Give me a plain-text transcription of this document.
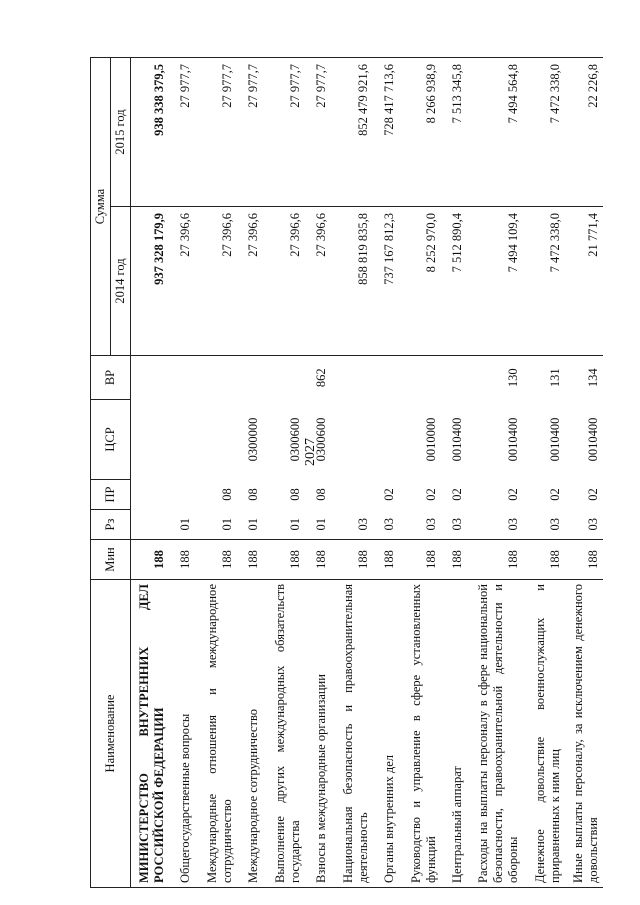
2027
Наименование	Мин	Рз	ПР	ЦСР	ВР	Сумма	
						2014 год	2015 год
МИНИСТЕРСТВО ВНУТРЕННИХ ДЕЛ РОССИЙСКОЙ ФЕДЕРАЦИИ	188					937 328 179,9	938 338 379,5
Общегосударственные вопросы	188	01				27 396,6	27 977,7
Международные отношения и международное сотрудничество	188	01	08			27 396,6	27 977,7
Международное сотрудничество	188	01	08	0300000		27 396,6	27 977,7
Выполнение других международных обязательств государства	188	01	08	0300600		27 396,6	27 977,7
Взносы в международные организации	188	01	08	0300600	862	27 396,6	27 977,7
Национальная безопасность и правоохранительная деятельность	188	03				858 819 835,8	852 479 921,6
Органы внутренних дел	188	03	02			737 167 812,3	728 417 713,6
Руководство и управление в сфере установленных функций	188	03	02	0010000		8 252 970,0	8 266 938,9
Центральный аппарат	188	03	02	0010400		7 512 890,4	7 513 345,8
Расходы на выплаты персоналу в сфере национальной безопасности, правоохранительной деятельности и обороны	188	03	02	0010400	130	7 494 109,4	7 494 564,8
Денежное довольствие военнослужащих и приравненных к ним лиц	188	03	02	0010400	131	7 472 338,0	7 472 338,0
Иные выплаты персоналу, за исключением денежного довольствия	188	03	02	0010400	134	21 771,4	22 226,8
